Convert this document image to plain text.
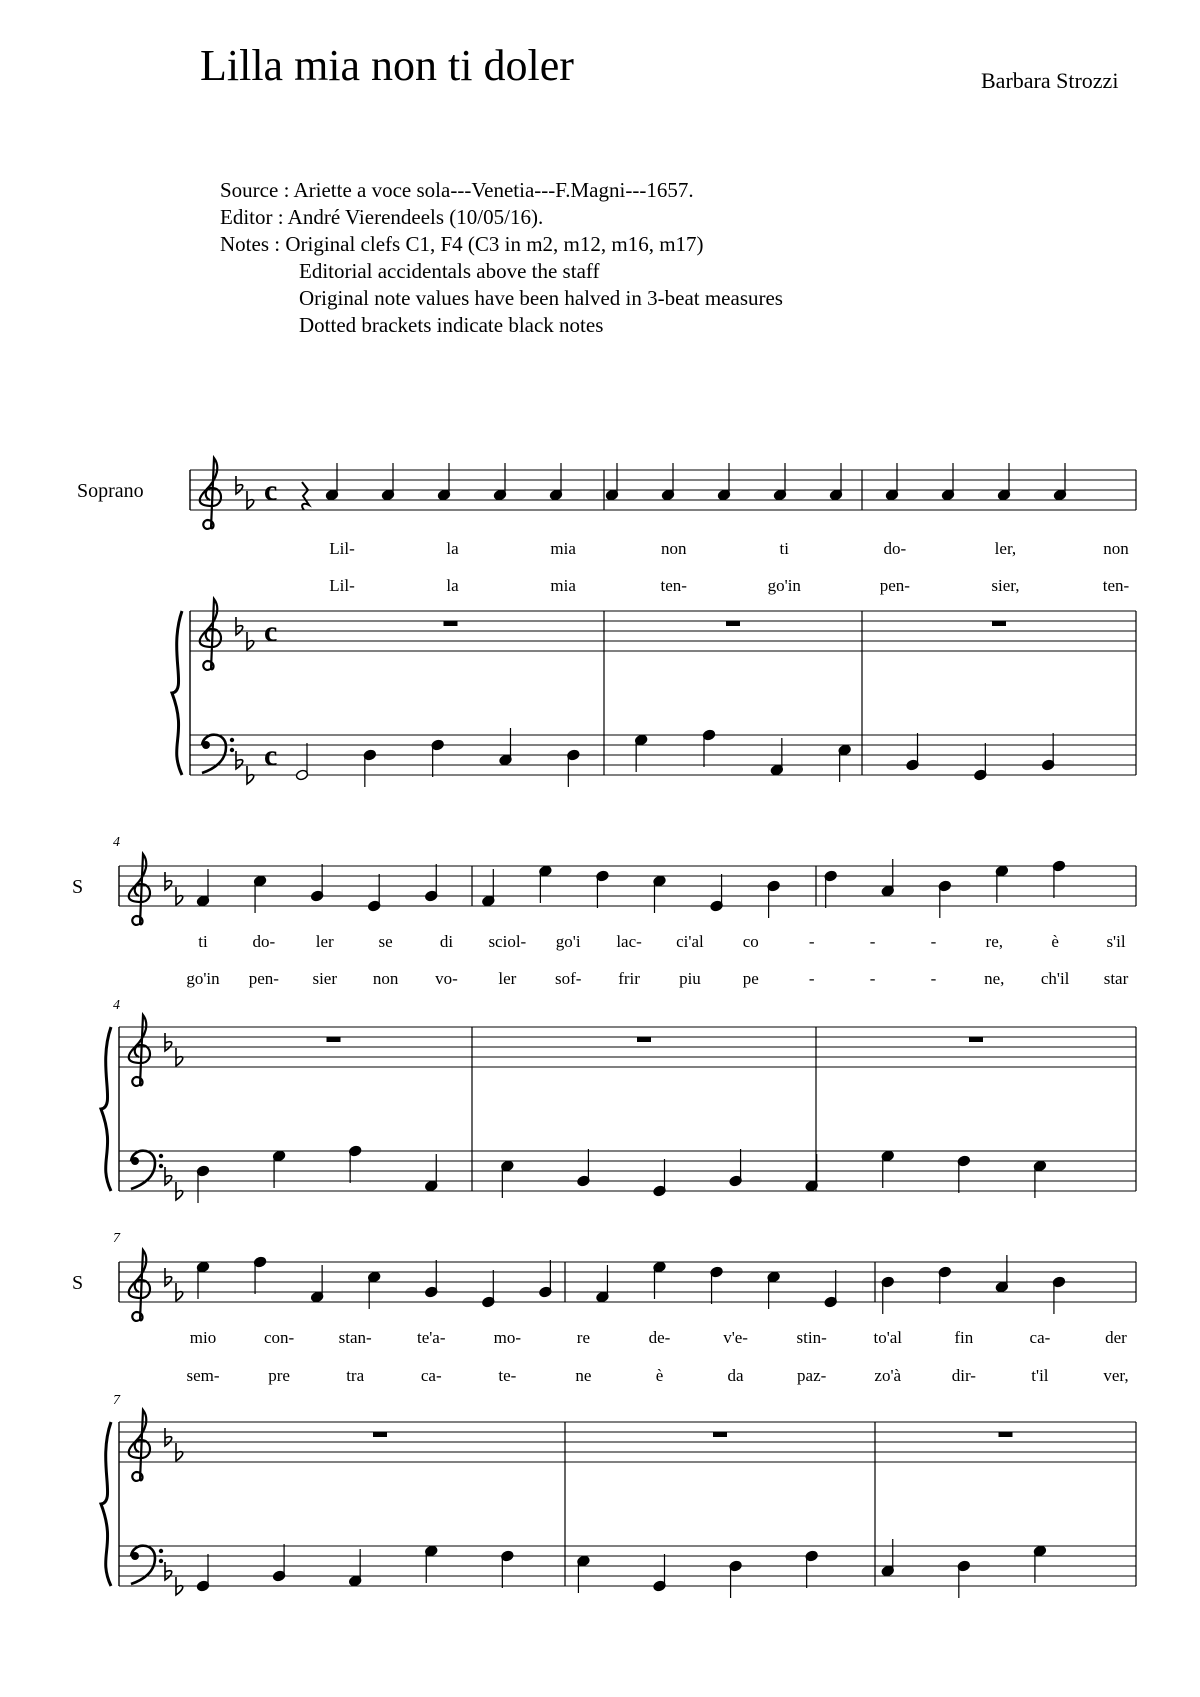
Lilla mia non ti doler	Barbara Strozzi
Source : Ariette a voce sola---Venetia---F.Magni---1657.
Editor : André Vierendeels (10/05/16).
Notes : Original clefs C1, F4 (C3 in m2, m12, m16, m17)
Editorial accidentals above the staff
Original note values have been halved in 3-beat measures
Dotted brackets indicate black notes
c
c
c
Soprano
Lil-	la	mia	non	ti	do-	ler,	non
Lil-	la	mia	ten-	go'in	pen-	sier,	ten-
S
4
4
ti	do- ler	se	di sciol- go'i lac- ci'al co	-	-	-	re,	è	s'il
go'in pen- sier non vo- ler sof- frir piu pe	-	-	-	ne, ch'il star
S
7
7
mio	con-	stan-	te'a-	mo-	re	de-	v'e-	stin-	to'al	fin	ca-	der
sem-	pre	tra	ca-	te-	ne	è	da	paz-	zo'à	dir-	t'il	ver,
